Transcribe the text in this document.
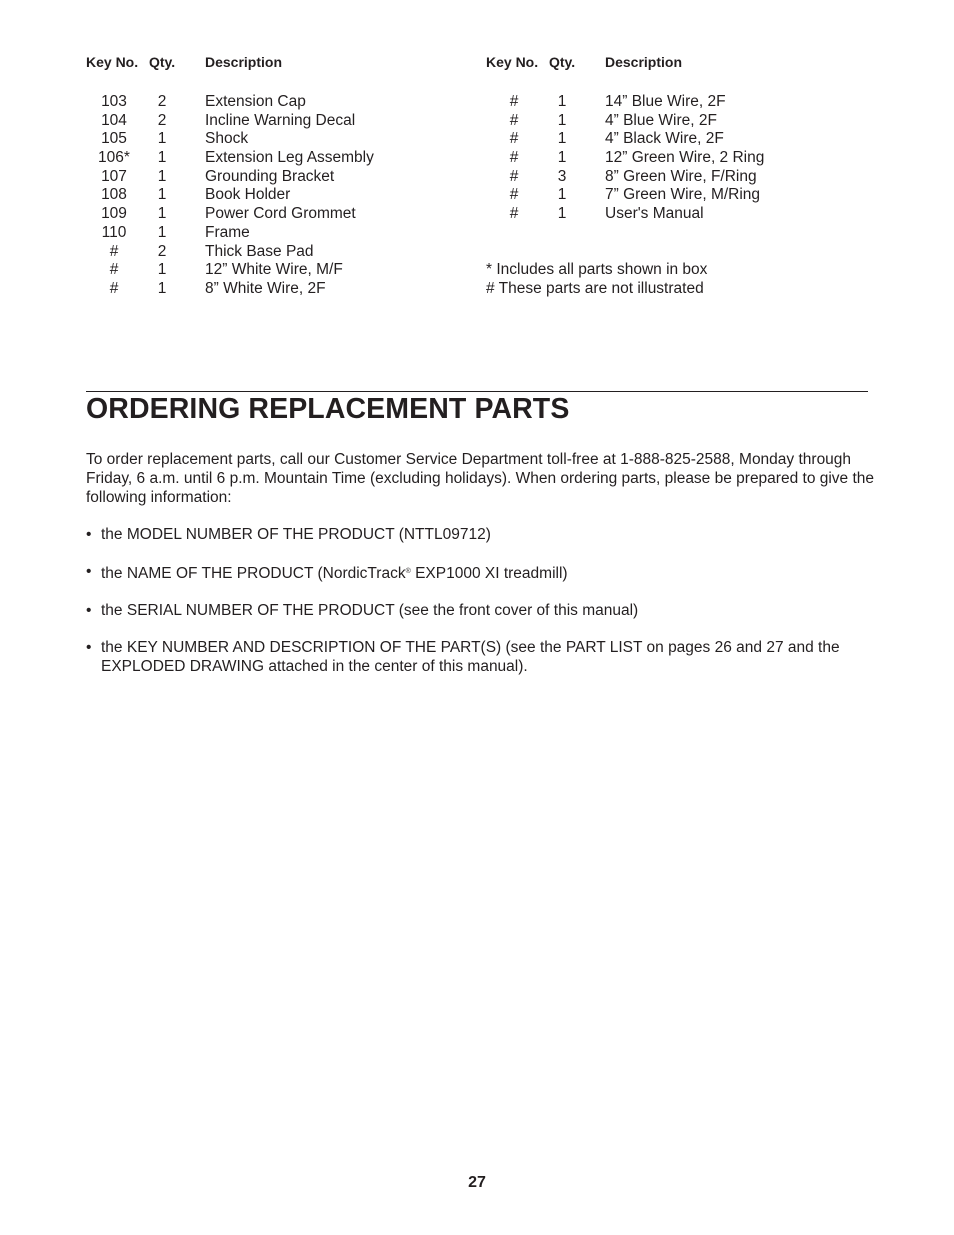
Key No. Qty. Description
103	2	Extension Cap
104	2	Incline Warning Decal
105	1	Shock
106*	1	Extension Leg Assembly
107	1	Grounding Bracket
108	1	Book Holder
109	1	Power Cord Grommet
110	1	Frame
#	2	Thick Base Pad
#	1	12” White Wire, M/F
#	1	8” White Wire, 2F
Key No. Qty. Description
#	1	14” Blue Wire, 2F
#	1	4” Blue Wire, 2F
#	1	4” Black Wire, 2F
#	1	12” Green Wire, 2 Ring
#	3	8” Green Wire, F/Ring
#	1	7” Green Wire, M/Ring
#	1	User's Manual
* Includes all parts shown in box
# These parts are not illustrated
ORDERING REPLACEMENT PARTS

To order replacement parts, call our Customer Service Department toll-free at 1-888-825-2588, Monday through Friday, 6 a.m. until 6 p.m. Mountain Time (excluding holidays). When ordering parts, please be prepared to give the following information:

• the MODEL NUMBER OF THE PRODUCT (NTTL09712)
• the NAME OF THE PRODUCT (NordicTrack® EXP1000 XI treadmill)
• the SERIAL NUMBER OF THE PRODUCT (see the front cover of this manual)
• the KEY NUMBER AND DESCRIPTION OF THE PART(S) (see the PART LIST on pages 26 and 27 and the EXPLODED DRAWING attached in the center of this manual).
27
